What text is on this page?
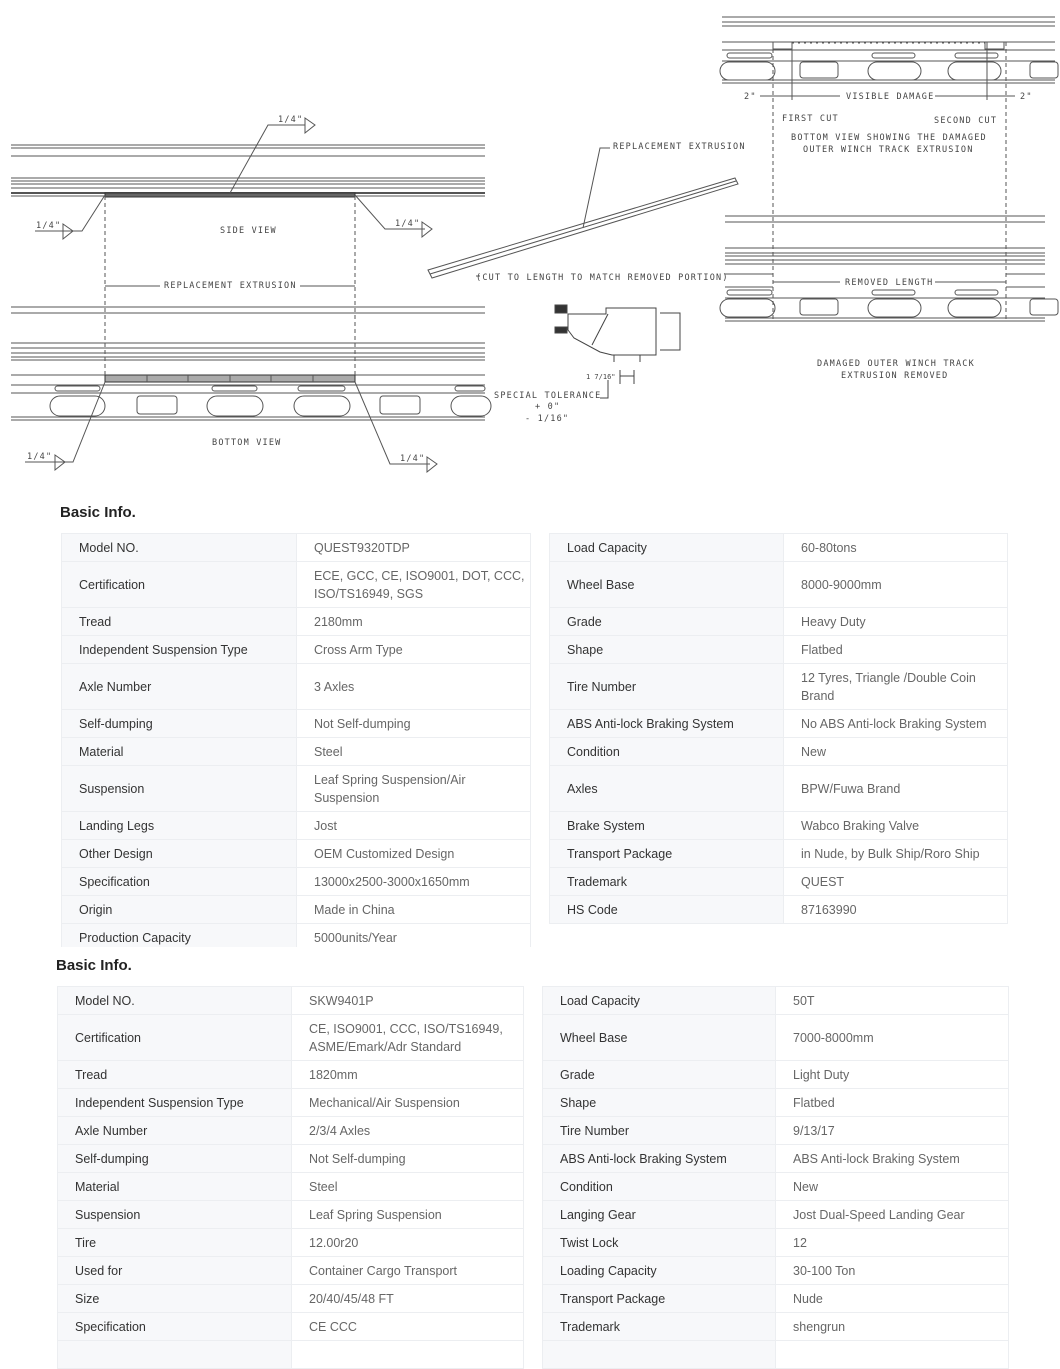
1/4"
1/4"	1/4"
1/4"	1/4"
SIDE VIEW
REPLACEMENT EXTRUSION
BOTTOM VIEW
REPLACEMENT EXTRUSION
(CUT TO LENGTH TO MATCH REMOVED PORTION)
1 7/16"
SPECIAL TOLERANCE
+ 0"
- 1/16"
2"	2"
VISIBLE DAMAGE
FIRST CUT	SECOND CUT
BOTTOM VIEW SHOWING THE DAMAGED
OUTER WINCH TRACK EXTRUSION
REMOVED LENGTH
DAMAGED OUTER WINCH TRACK
EXTRUSION REMOVED
Basic Info.
Model NO.	QUEST9320TDP
Certification	ECE, GCC, CE, ISO9001, DOT, CCC, ISO/TS16949, SGS
Tread	2180mm
Independent Suspension Type	Cross Arm Type
Axle Number	3 Axles
Self-dumping	Not Self-dumping
Material	Steel
Suspension	Leaf Spring Suspension/Air Suspension
Landing Legs	Jost
Other Design	OEM Customized Design
Specification	13000x2500-3000x1650mm
Origin	Made in China
Production Capacity	5000units/Year
Load Capacity	60-80tons
Wheel Base	8000-9000mm
Grade	Heavy Duty
Shape	Flatbed
Tire Number	12 Tyres, Triangle /Double Coin Brand
ABS Anti-lock Braking System	No ABS Anti-lock Braking System
Condition	New
Axles	BPW/Fuwa Brand
Brake System	Wabco Braking Valve
Transport Package	in Nude, by Bulk Ship/Roro Ship
Trademark	QUEST
HS Code	87163990
Basic Info.
Model NO.	SKW9401P
Certification	CE, ISO9001, CCC, ISO/TS16949, ASME/Emark/Adr Standard
Tread	1820mm
Independent Suspension Type	Mechanical/Air Suspension
Axle Number	2/3/4 Axles
Self-dumping	Not Self-dumping
Material	Steel
Suspension	Leaf Spring Suspension
Tire	12.00r20
Used for	Container Cargo Transport
Size	20/40/45/48 FT
Specification	CE CCC

Load Capacity	50T
Wheel Base	7000-8000mm
Grade	Light Duty
Shape	Flatbed
Tire Number	9/13/17
ABS Anti-lock Braking System	ABS Anti-lock Braking System
Condition	New
Langing Gear	Jost Dual-Speed Landing Gear
Twist Lock	12
Loading Capacity	30-100 Ton
Transport Package	Nude
Trademark	shengrun
